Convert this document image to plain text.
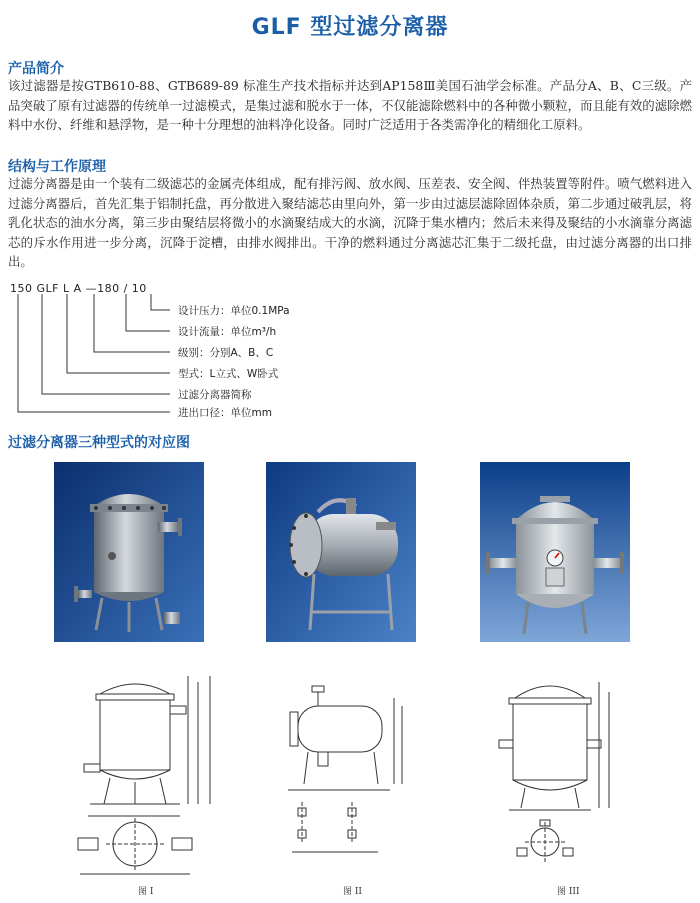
GLF 型过滤分离器
产品简介
该过滤器是按GTB610-88、GTB689-89 标准生产技术指标并达到AP158Ⅲ美国石油学会标准。产品分A、B、C三级。产品突破了原有过滤器的传统单一过滤模式，是集过滤和脱水于一体，不仅能滤除燃料中的各种微小颗粒，而且能有效的滤除燃料中水份、纤维和悬浮物，是一种十分理想的油料净化设备。同时广泛适用于各类需净化的精细化工原料。
结构与工作原理
过滤分离器是由一个装有二级滤芯的金属壳体组成，配有排污阀、放水阀、压差表、安全阀、伴热装置等附件。喷气燃料进入过滤分离器后，首先汇集于铝制托盘，再分散进入聚结滤芯由里向外，第一步由过滤层滤除固体杂质，第二步通过破乳层，将乳化状态的油水分离，第三步由聚结层将微小的水滴聚结成大的水滴，沉降于集水槽内；然后未来得及聚结的小水滴靠分离滤芯的斥水作用进一步分离，沉降于淀槽，由排水阀排出。干净的燃料通过分离滤芯汇集于二级托盘，由过滤分离器的出口排出。
150 GLF L A —180 / 10
设计压力：单位0.1MPa
设计流量：单位m³/h
级别：分别A、B、C
型式：L立式、W卧式
过滤分离器简称
进出口径：单位mm
过滤分离器三种型式的对应图
图 I	图 II	图 III
